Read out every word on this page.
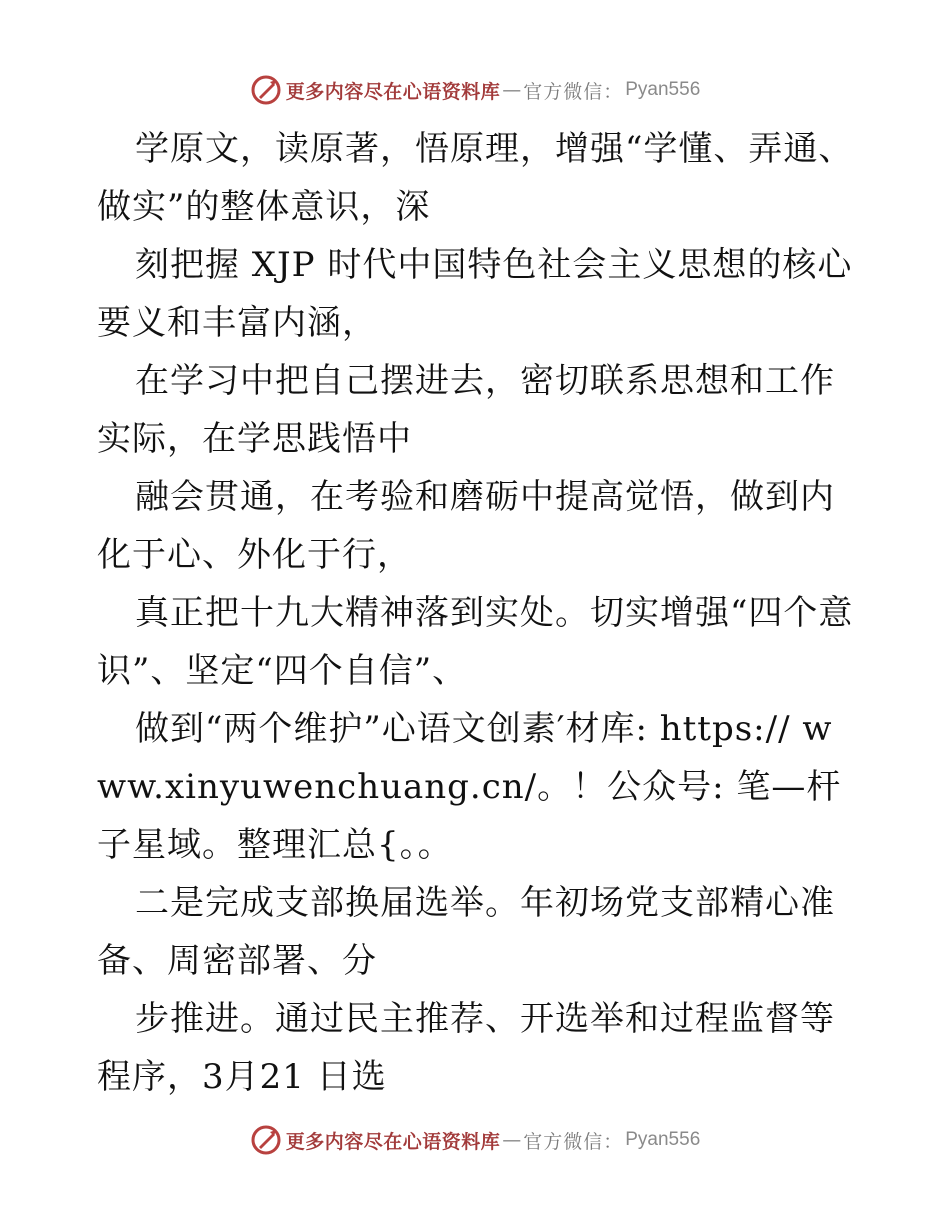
更多内容尽在心语资料库 — 官方微信： Pyan556

学原文，读原著，悟原理，增强“学懂、弄通、做实”的整体意识，深

刻把握 XJP 时代中国特色社会主义思想的核心要义和丰富内涵，

在学习中把自己摆进去，密切联系思想和工作实际，在学思践悟中

融会贯通，在考验和磨砺中提高觉悟，做到内化于心、外化于行，

真正把十九大精神落到实处。切实增强“四个意识”、坚定“四个自信”、

做到“两个维护”心语文创素′材库: https:// www.xinyuwenchuang.cn/。！公众号: 笔—杆子星域。整理汇总{。。

二是完成支部换届选举。年初场党支部精心准备、周密部署、分

步推进。通过民主推荐、开选举和过程监督等程序，3月21 日选

更多内容尽在心语资料库 — 官方微信： Pyan556
